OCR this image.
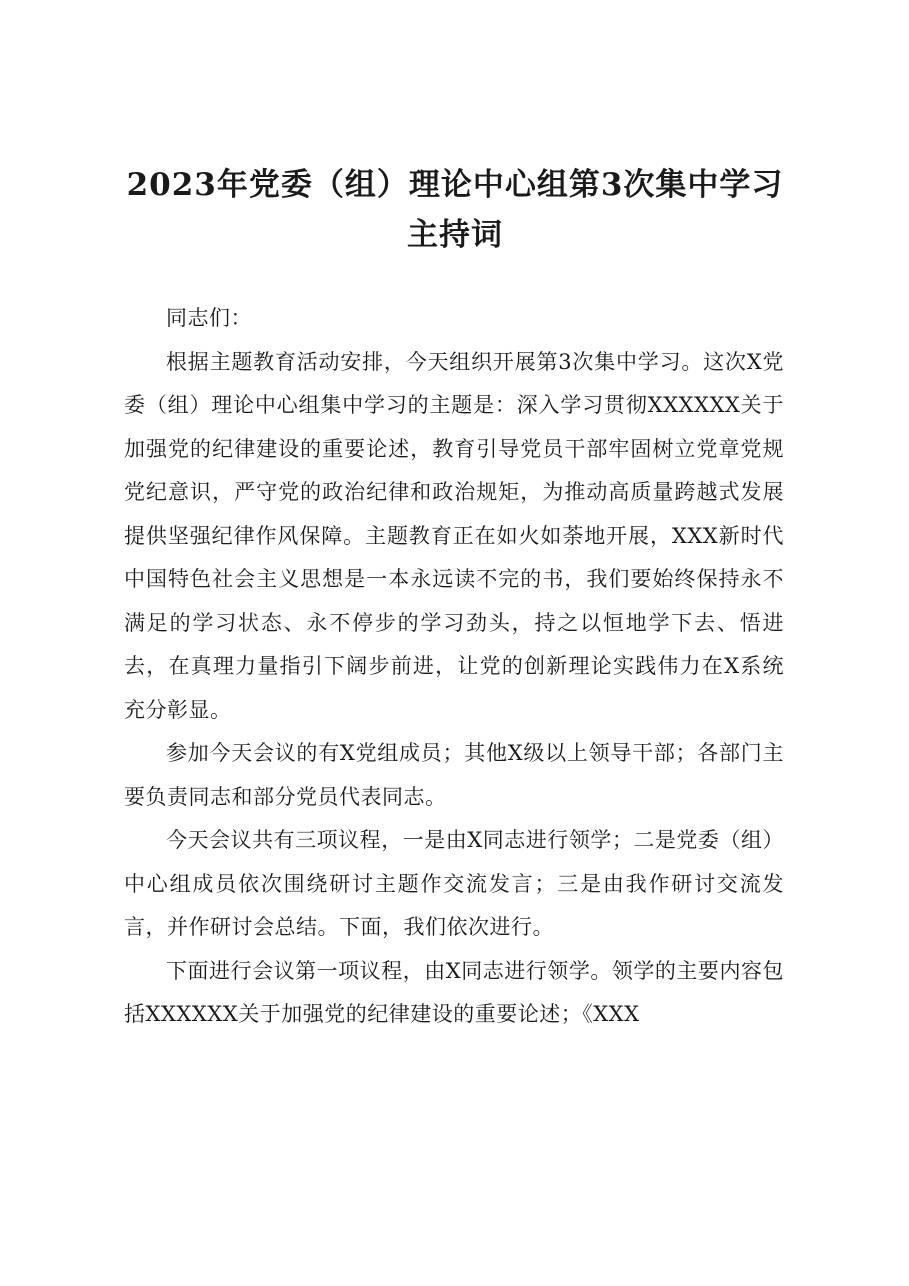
2023年党委（组）理论中心组第3次集中学习主持词

同志们：

根据主题教育活动安排，今天组织开展第3次集中学习。这次X党委（组）理论中心组集中学习的主题是：深入学习贯彻XXXXXX关于加强党的纪律建设的重要论述，教育引导党员干部牢固树立党章党规党纪意识，严守党的政治纪律和政治规矩，为推动高质量跨越式发展提供坚强纪律作风保障。主题教育正在如火如荼地开展，XXX新时代中国特色社会主义思想是一本永远读不完的书，我们要始终保持永不满足的学习状态、永不停步的学习劲头，持之以恒地学下去、悟进去，在真理力量指引下阔步前进，让党的创新理论实践伟力在X系统充分彰显。

参加今天会议的有X党组成员；其他X级以上领导干部；各部门主要负责同志和部分党员代表同志。

今天会议共有三项议程，一是由X同志进行领学；二是党委（组）中心组成员依次围绕研讨主题作交流发言；三是由我作研讨交流发言，并作研讨会总结。下面，我们依次进行。

下面进行会议第一项议程，由X同志进行领学。领学的主要内容包括XXXXXX关于加强党的纪律建设的重要论述；《XXX
